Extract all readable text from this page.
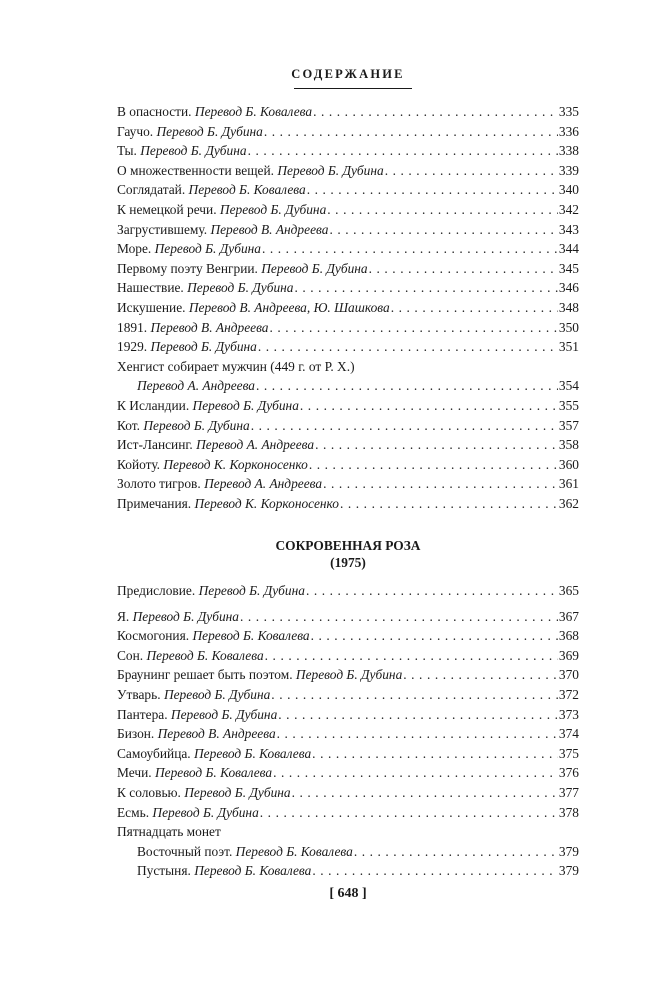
СОДЕРЖАНИЕ
В опасности. Перевод Б. Ковалева . . .	335
Гаучо. Перевод Б. Дубина . . .	336
Ты. Перевод Б. Дубина . . .	338
О множественности вещей. Перевод Б. Дубина . . .	339
Соглядатай. Перевод Б. Ковалева . . .	340
К немецкой речи. Перевод Б. Дубина . . .	342
Загрустившему. Перевод В. Андреева . . .	343
Море. Перевод Б. Дубина . . .	344
Первому поэту Венгрии. Перевод Б. Дубина . . .	345
Нашествие. Перевод Б. Дубина . . .	346
Искушение. Перевод В. Андреева, Ю. Шашкова . . .	348
1891. Перевод В. Андреева . . .	350
1929. Перевод Б. Дубина . . .	351
Хенгист собирает мужчин (449 г. от Р. Х.)
Перевод А. Андреева . . .	354
К Исландии. Перевод Б. Дубина . . .	355
Кот. Перевод Б. Дубина . . .	357
Ист-Лансинг. Перевод А. Андреева . . .	358
Койоту. Перевод К. Корконосенко . . .	360
Золото тигров. Перевод А. Андреева . . .	361
Примечания. Перевод К. Корконосенко . . .	362
СОКРОВЕННАЯ РОЗА
(1975)
Предисловие. Перевод Б. Дубина . . .	365
Я. Перевод Б. Дубина . . .	367
Космогония. Перевод Б. Ковалева . . .	368
Сон. Перевод Б. Ковалева . . .	369
Браунинг решает быть поэтом. Перевод Б. Дубина . . .	370
Утварь. Перевод Б. Дубина . . .	372
Пантера. Перевод Б. Дубина . . .	373
Бизон. Перевод В. Андреева . . .	374
Самоубийца. Перевод Б. Ковалева . . .	375
Мечи. Перевод Б. Ковалева . . .	376
К соловью. Перевод Б. Дубина . . .	377
Есмь. Перевод Б. Дубина . . .	378
Пятнадцать монет
Восточный поэт. Перевод Б. Ковалева . . .	379
Пустыня. Перевод Б. Ковалева . . .	379
[ 648 ]
